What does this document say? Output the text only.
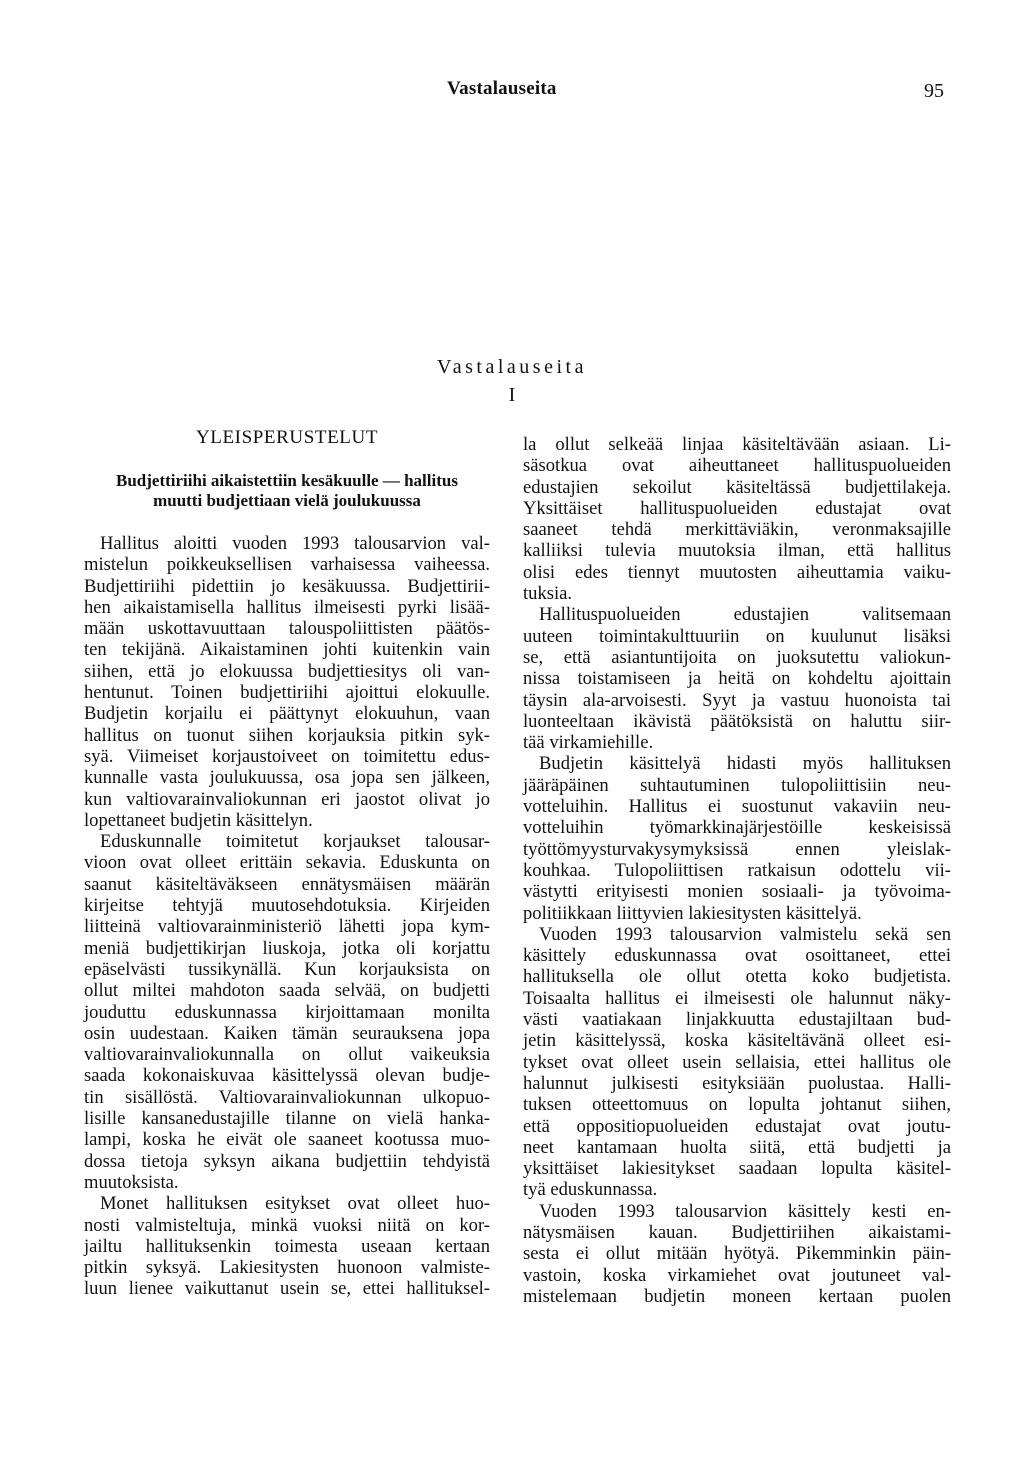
Vastalauseita	95
Vastalauseita
I
YLEISPERUSTELUT
Budjettiriihi aikaistettiin kesäkuulle — hallitus
muutti budjettiaan vielä joulukuussa
Hallitus aloitti vuoden 1993 talousarvion val-
mistelun poikkeuksellisen varhaisessa vaiheessa.
Budjettiriihi pidettiin jo kesäkuussa. Budjettirii-
hen aikaistamisella hallitus ilmeisesti pyrki lisää-
mään uskottavuuttaan talouspoliittisten päätös-
ten tekijänä. Aikaistaminen johti kuitenkin vain
siihen, että jo elokuussa budjettiesitys oli van-
hentunut. Toinen budjettiriihi ajoittui elokuulle.
Budjetin korjailu ei päättynyt elokuuhun, vaan
hallitus on tuonut siihen korjauksia pitkin syk-
syä. Viimeiset korjaustoiveet on toimitettu edus-
kunnalle vasta joulukuussa, osa jopa sen jälkeen,
kun valtiovarainvaliokunnan eri jaostot olivat jo
lopettaneet budjetin käsittelyn.
Eduskunnalle toimitetut korjaukset talousar-
vioon ovat olleet erittäin sekavia. Eduskunta on
saanut käsiteltäväkseen ennätysmäisen määrän
kirjeitse tehtyjä muutosehdotuksia. Kirjeiden
liitteinä valtiovarainministeriö lähetti jopa kym-
meniä budjettikirjan liuskoja, jotka oli korjattu
epäselvästi tussikynällä. Kun korjauksista on
ollut miltei mahdoton saada selvää, on budjetti
jouduttu eduskunnassa kirjoittamaan monilta
osin uudestaan. Kaiken tämän seurauksena jopa
valtiovarainvaliokunnalla on ollut vaikeuksia
saada kokonaiskuvaa käsittelyssä olevan budje-
tin sisällöstä. Valtiovarainvaliokunnan ulkopuo-
lisille kansanedustajille tilanne on vielä hanka-
lampi, koska he eivät ole saaneet kootussa muo-
dossa tietoja syksyn aikana budjettiin tehdyistä
muutoksista.
Monet hallituksen esitykset ovat olleet huo-
nosti valmisteltuja, minkä vuoksi niitä on kor-
jailtu hallituksenkin toimesta useaan kertaan
pitkin syksyä. Lakiesitysten huonoon valmiste-
luun lienee vaikuttanut usein se, ettei hallituksel-
la ollut selkeää linjaa käsiteltävään asiaan. Li-
säsotkua ovat aiheuttaneet hallituspuolueiden
edustajien sekoilut käsiteltässä budjettilakeja.
Yksittäiset hallituspuolueiden edustajat ovat
saaneet tehdä merkittäviäkin, veronmaksajille
kalliiksi tulevia muutoksia ilman, että hallitus
olisi edes tiennyt muutosten aiheuttamia vaiku-
tuksia.
Hallituspuolueiden edustajien valitsemaan
uuteen toimintakulttuuriin on kuulunut lisäksi
se, että asiantuntijoita on juoksutettu valiokun-
nissa toistamiseen ja heitä on kohdeltu ajoittain
täysin ala-arvoisesti. Syyt ja vastuu huonoista tai
luonteeltaan ikävistä päätöksistä on haluttu siir-
tää virkamiehille.
Budjetin käsittelyä hidasti myös hallituksen
jääräpäinen suhtautuminen tulopoliittisiin neu-
votteluihin. Hallitus ei suostunut vakaviin neu-
votteluihin työmarkkinajärjestöille keskeisissä
työttömyysturvakysymyksissä ennen yleislak-
kouhkaa. Tulopoliittisen ratkaisun odottelu vii-
västytti erityisesti monien sosiaali- ja työvoima-
politiikkaan liittyvien lakiesitysten käsittelyä.
Vuoden 1993 talousarvion valmistelu sekä sen
käsittely eduskunnassa ovat osoittaneet, ettei
hallituksella ole ollut otetta koko budjetista.
Toisaalta hallitus ei ilmeisesti ole halunnut näky-
västi vaatiakaan linjakkuutta edustajiltaan bud-
jetin käsittelyssä, koska käsiteltävänä olleet esi-
tykset ovat olleet usein sellaisia, ettei hallitus ole
halunnut julkisesti esityksiään puolustaa. Halli-
tuksen otteettomuus on lopulta johtanut siihen,
että oppositiopuolueiden edustajat ovat joutu-
neet kantamaan huolta siitä, että budjetti ja
yksittäiset lakiesitykset saadaan lopulta käsitel-
tyä eduskunnassa.
Vuoden 1993 talousarvion käsittely kesti en-
nätysmäisen kauan. Budjettiriihen aikaistami-
sesta ei ollut mitään hyötyä. Pikemminkin päin-
vastoin, koska virkamiehet ovat joutuneet val-
mistelemaan budjetin moneen kertaan puolen
